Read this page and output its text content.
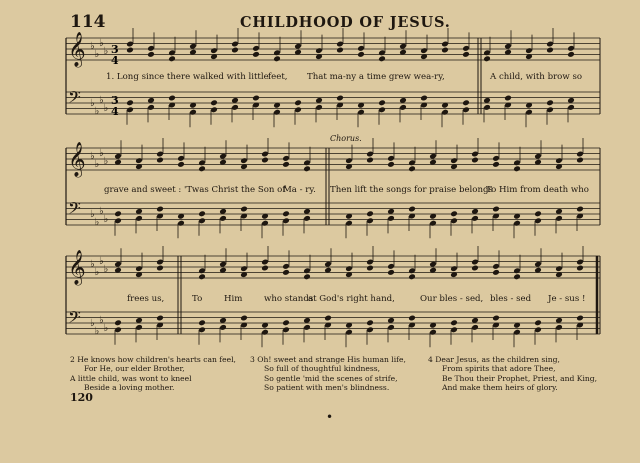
114	CHILDHOOD OF JESUS.
3
4
3
4
𝄞 ♭
♭
♭
♭
𝄢 ♭
♭
♭
♭
𝄞 ♭
♭
♭
♭
𝄢 ♭
♭
♭
♭
𝄞 ♭
♭
♭
♭
𝄢 ♭
♭
♭
♭
1. Long since there walked with little feet, That ma-ny a time grew wea-ry,	A child, with brow so
Chorus.
grave and sweet : 'Twas Christ the Son of
Ma - ry. Then lift the songs for praise belongs
To Him from death who
frees us,	To	Him	who stands
at God's right hand,	Our bles - sed, bles - sed Je - sus !
2 He knows how children's hearts can feel,
For He, our elder Brother,
A little child, was wont to kneel
Beside a loving mother.
3 Oh! sweet and strange His human life,
So full of thoughtful kindness,
So gentle 'mid the scenes of strife,
So patient with men's blindness.
4 Dear Jesus, as the children sing,
From spirits that adore Thee,
Be Thou their Prophet, Priest, and King,
And make them heirs of glory.
120
•
